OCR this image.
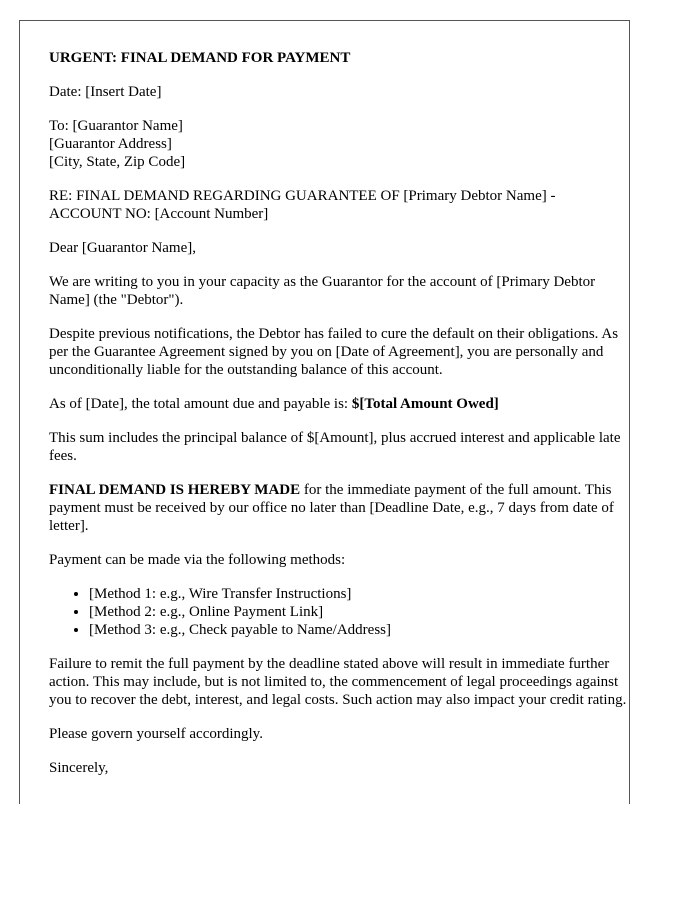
URGENT: FINAL DEMAND FOR PAYMENT

Date: [Insert Date]

To: [Guarantor Name]
[Guarantor Address]
[City, State, Zip Code]

RE: FINAL DEMAND REGARDING GUARANTEE OF [Primary Debtor Name] -
ACCOUNT NO: [Account Number]

Dear [Guarantor Name],

We are writing to you in your capacity as the Guarantor for the account of [Primary Debtor Name] (the "Debtor").

Despite previous notifications, the Debtor has failed to cure the default on their obligations. As per the Guarantee Agreement signed by you on [Date of Agreement], you are personally and unconditionally liable for the outstanding balance of this account.

As of [Date], the total amount due and payable is: $[Total Amount Owed]

This sum includes the principal balance of $[Amount], plus accrued interest and applicable late fees.

FINAL DEMAND IS HEREBY MADE for the immediate payment of the full amount. This payment must be received by our office no later than [Deadline Date, e.g., 7 days from date of letter].

Payment can be made via the following methods:

• [Method 1: e.g., Wire Transfer Instructions]
• [Method 2: e.g., Online Payment Link]
• [Method 3: e.g., Check payable to Name/Address]

Failure to remit the full payment by the deadline stated above will result in immediate further action. This may include, but is not limited to, the commencement of legal proceedings against you to recover the debt, interest, and legal costs. Such action may also impact your credit rating.

Please govern yourself accordingly.

Sincerely,
